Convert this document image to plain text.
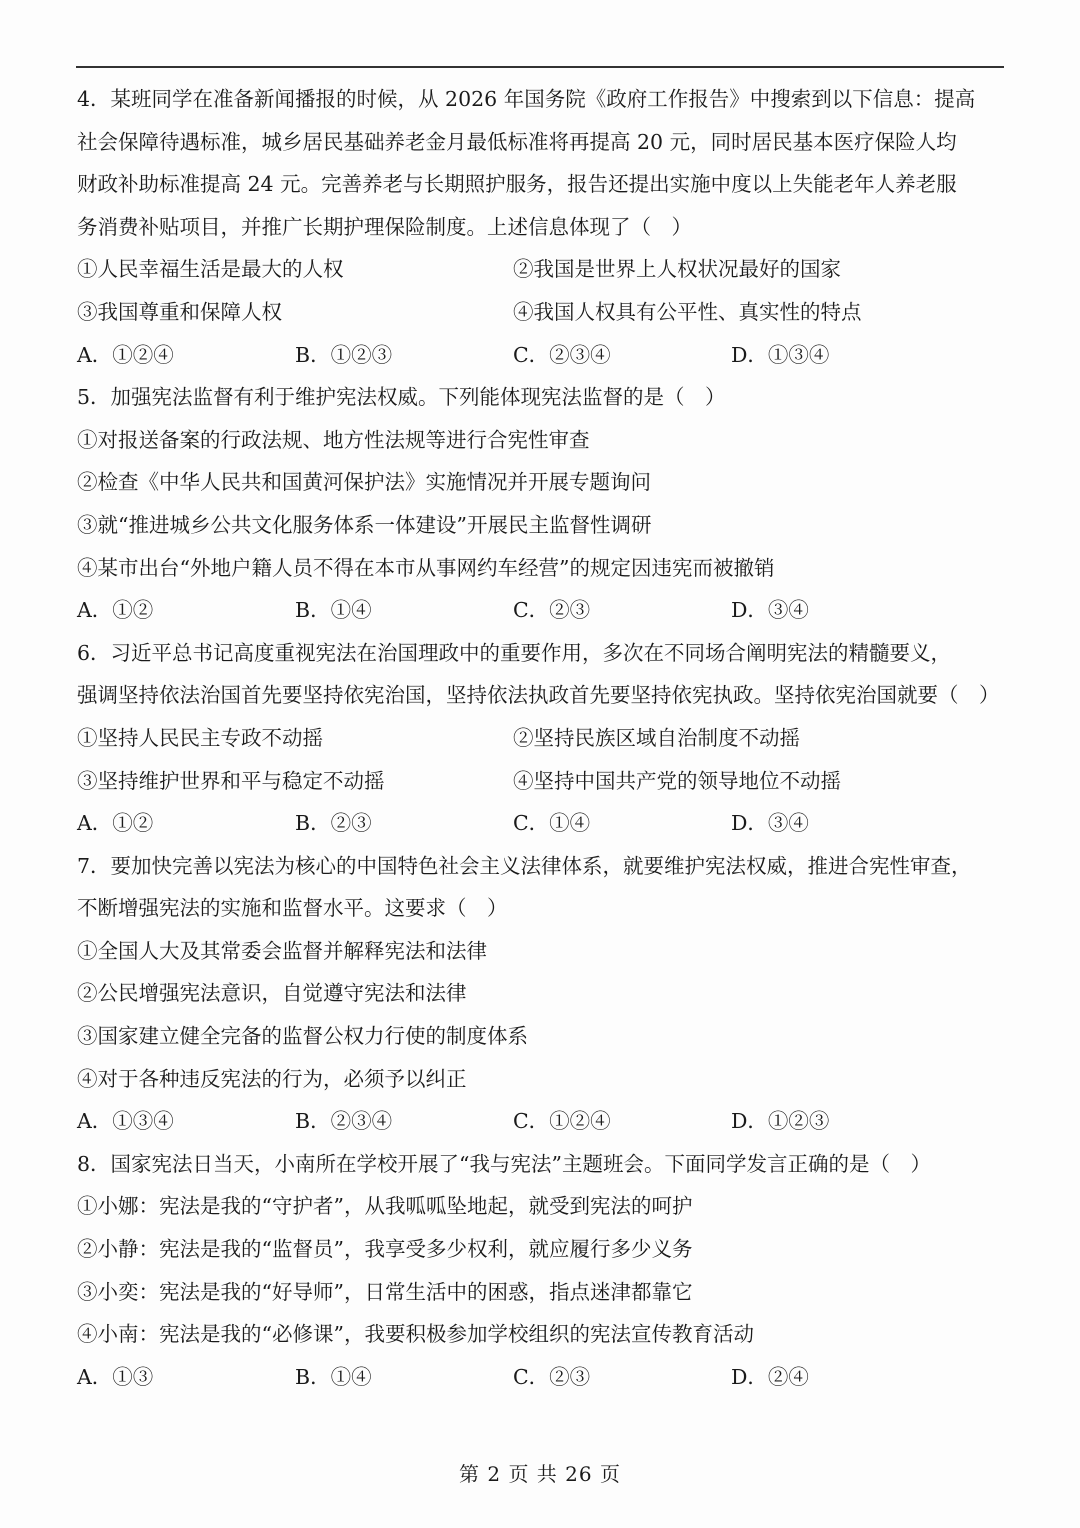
4．某班同学在准备新闻播报的时候，从 2026 年国务院《政府工作报告》中搜索到以下信息：提高
社会保障待遇标准，城乡居民基础养老金月最低标准将再提高 20 元，同时居民基本医疗保险人均
财政补助标准提高 24 元。完善养老与长期照护服务，报告还提出实施中度以上失能老年人养老服
务消费补贴项目，并推广长期护理保险制度。上述信息体现了（　）
①人民幸福生活是最大的人权	②我国是世界上人权状况最好的国家
③我国尊重和保障人权	④我国人权具有公平性、真实性的特点
A．①②④	B．①②③	C．②③④	D．①③④
5．加强宪法监督有利于维护宪法权威。下列能体现宪法监督的是（　）
①对报送备案的行政法规、地方性法规等进行合宪性审查
②检查《中华人民共和国黄河保护法》实施情况并开展专题询问
③就“推进城乡公共文化服务体系一体建设”开展民主监督性调研
④某市出台“外地户籍人员不得在本市从事网约车经营”的规定因违宪而被撤销
A．①②	B．①④	C．②③	D．③④
6．习近平总书记高度重视宪法在治国理政中的重要作用，多次在不同场合阐明宪法的精髓要义，
强调坚持依法治国首先要坚持依宪治国，坚持依法执政首先要坚持依宪执政。坚持依宪治国就要（　）
①坚持人民民主专政不动摇	②坚持民族区域自治制度不动摇
③坚持维护世界和平与稳定不动摇	④坚持中国共产党的领导地位不动摇
A．①②	B．②③	C．①④	D．③④
7．要加快完善以宪法为核心的中国特色社会主义法律体系，就要维护宪法权威，推进合宪性审查，
不断增强宪法的实施和监督水平。这要求（　）
①全国人大及其常委会监督并解释宪法和法律
②公民增强宪法意识，自觉遵守宪法和法律
③国家建立健全完备的监督公权力行使的制度体系
④对于各种违反宪法的行为，必须予以纠正
A．①③④	B．②③④	C．①②④	D．①②③
8．国家宪法日当天，小南所在学校开展了“我与宪法”主题班会。下面同学发言正确的是（　）
①小娜：宪法是我的“守护者”，从我呱呱坠地起，就受到宪法的呵护
②小静：宪法是我的“监督员”，我享受多少权利，就应履行多少义务
③小奕：宪法是我的“好导师”，日常生活中的困惑，指点迷津都靠它
④小南：宪法是我的“必修课”，我要积极参加学校组织的宪法宣传教育活动
A．①③	B．①④	C．②③	D．②④
第 2 页 共 26 页
